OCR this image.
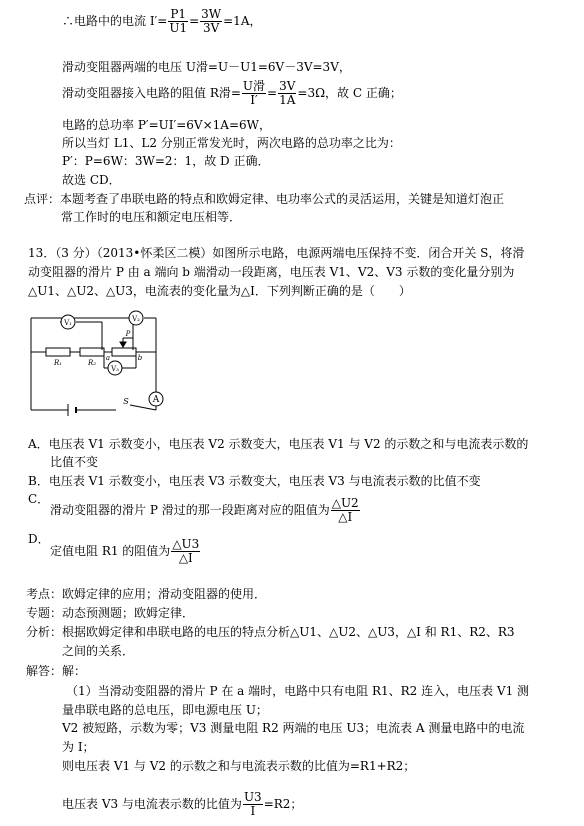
∴电路中的电流 $I'= \frac{P1}{U1} = \frac{3W}{3V} =1A$，
滑动变阻器两端的电压 U滑=U－U1=6V－3V=3V，
滑动变阻器接入电路的阻值 R滑= $\frac{\text{U滑}}{I'} = \frac{3V}{1A} =3\Omega$，故 C 正确；
电路的总功率 P′=UI′=6V×1A=6W，
所以当灯 L1、L2 分别正常发光时，两次电路的总功率之比为：
P′：P=6W：3W=2：1，故 D 正确．
故选 CD．
点评：本题考查了串联电路的特点和欧姆定律、电功率公式的灵活运用，关键是知道灯泡正
常工作时的电压和额定电压相等．
13．（3 分）（2013•怀柔区二模）如图所示电路，电源两端电压保持不变．闭合开关 S，将滑
动变阻器的滑片 P 由 a 端向 b 端滑动一段距离，电压表 V1、V2、V3 示数的变化量分别为
△U1、△U2、△U3，电流表的变化量为△I．下列判断正确的是（　　）
V₁	V₂
V₃
A
R₁	R₂
a	b
P
S
A．电压表 V1 示数变小，电压表 V2 示数变大，电压表 V1 与 V2 的示数之和与电流表示数的
比值不变
B．电压表 V1 示数变小，电压表 V3 示数变大，电压表 V3 与电流表示数的比值不变
C．
滑动变阻器的滑片 P 滑过的那一段距离对应的阻值为 $\frac{\triangle U2}{\triangle I}$
D．
定值电阻 R1 的阻值为 $\frac{\triangle U3}{\triangle I}$
考点：欧姆定律的应用；滑动变阻器的使用．
专题：动态预测题；欧姆定律．
分析：根据欧姆定律和串联电路的电压的特点分析△U1、△U2、△U3，△I 和 R1、R2、R3
之间的关系．
解答：解：
（1）当滑动变阻器的滑片 P 在 a 端时，电路中只有电阻 R1、R2 连入，电压表 V1 测
量串联电路的总电压，即电源电压 U；
V2 被短路，示数为零；V3 测量电阻 R2 两端的电压 U3；电流表 A 测量电路中的电流
为 I；
则电压表 V1 与 V2 的示数之和与电流表示数的比值为=R1+R2；
电压表 V3 与电流表示数的比值为 $\frac{U3}{I} =R2$；
